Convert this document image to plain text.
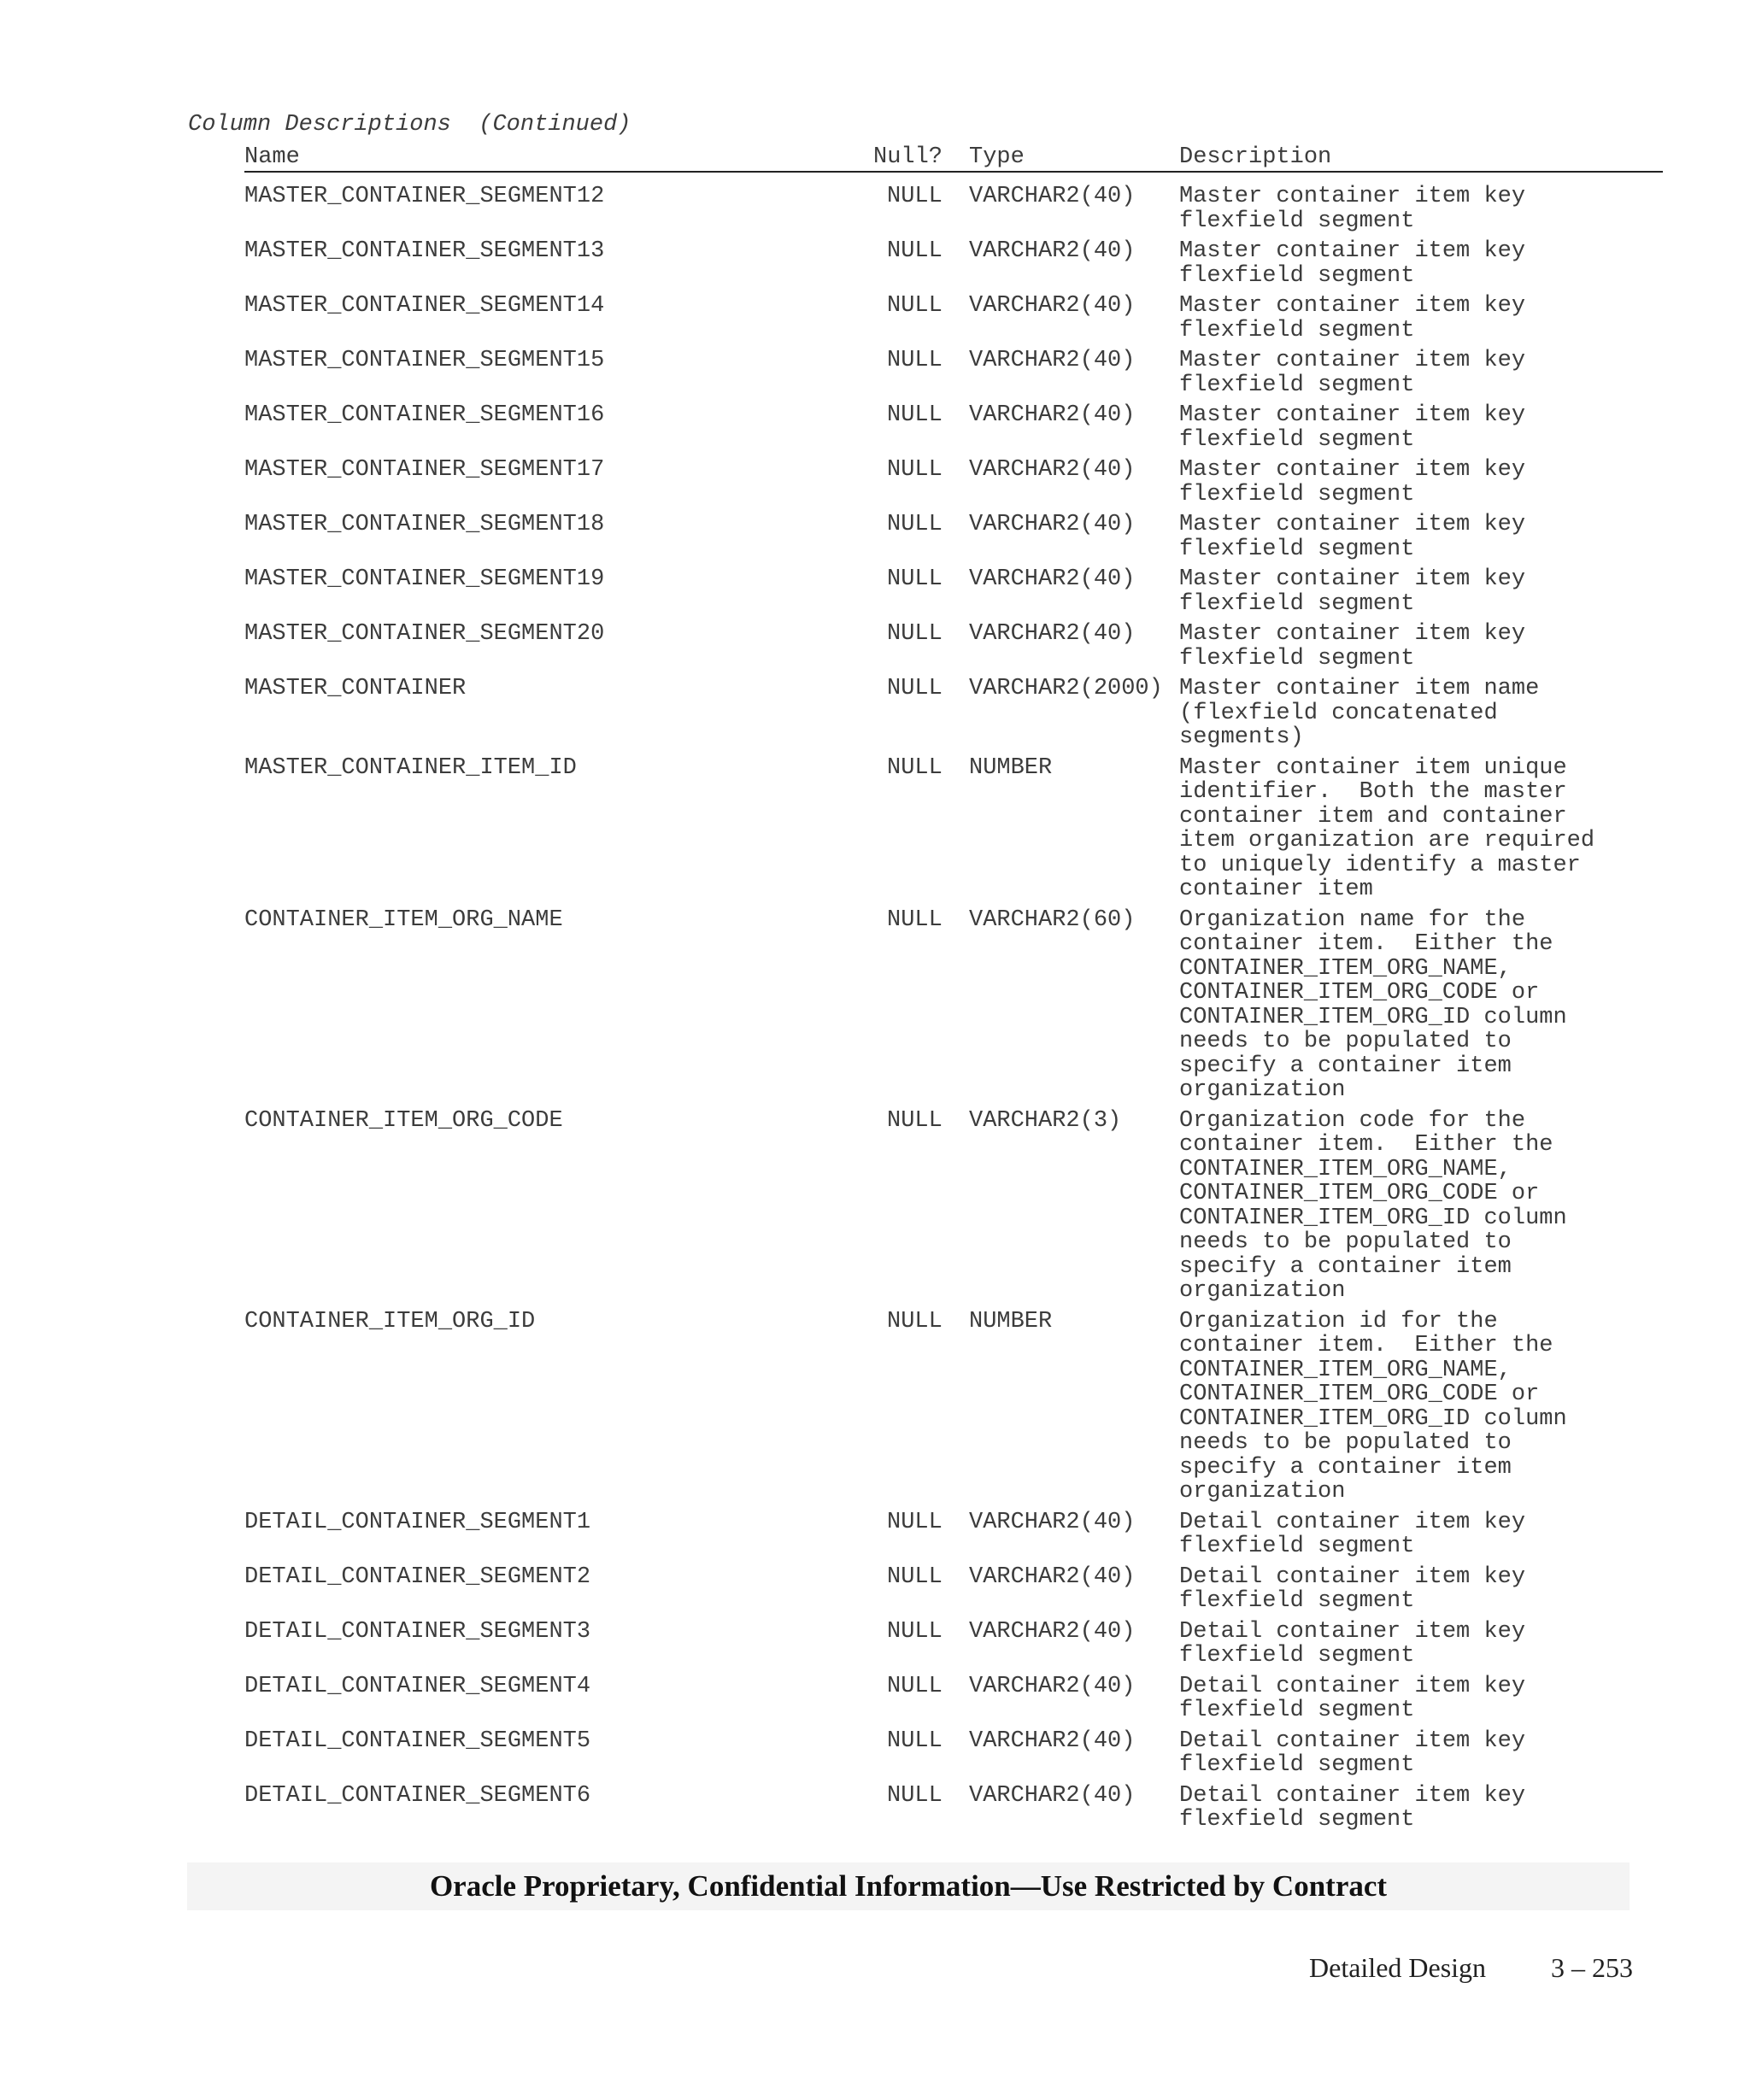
Column Descriptions  (Continued)
Name	Null? Type	Description
MASTER_CONTAINER_SEGMENT12	NULL VARCHAR2(40) Master container item key
flexfield segment
MASTER_CONTAINER_SEGMENT13	NULL VARCHAR2(40) Master container item key
flexfield segment
MASTER_CONTAINER_SEGMENT14	NULL VARCHAR2(40) Master container item key
flexfield segment
MASTER_CONTAINER_SEGMENT15	NULL VARCHAR2(40) Master container item key
flexfield segment
MASTER_CONTAINER_SEGMENT16	NULL VARCHAR2(40) Master container item key
flexfield segment
MASTER_CONTAINER_SEGMENT17	NULL VARCHAR2(40) Master container item key
flexfield segment
MASTER_CONTAINER_SEGMENT18	NULL VARCHAR2(40) Master container item key
flexfield segment
MASTER_CONTAINER_SEGMENT19	NULL VARCHAR2(40) Master container item key
flexfield segment
MASTER_CONTAINER_SEGMENT20	NULL VARCHAR2(40) Master container item key
flexfield segment
MASTER_CONTAINER	NULL VARCHAR2(2000) Master container item name
(flexfield concatenated
segments)
MASTER_CONTAINER_ITEM_ID	NULL NUMBER	Master container item unique
identifier.  Both the master
container item and container
item organization are required
to uniquely identify a master
container item
CONTAINER_ITEM_ORG_NAME	NULL VARCHAR2(60) Organization name for the
container item.  Either the
CONTAINER_ITEM_ORG_NAME,
CONTAINER_ITEM_ORG_CODE or
CONTAINER_ITEM_ORG_ID column
needs to be populated to
specify a container item
organization
CONTAINER_ITEM_ORG_CODE	NULL VARCHAR2(3)	Organization code for the
container item.  Either the
CONTAINER_ITEM_ORG_NAME,
CONTAINER_ITEM_ORG_CODE or
CONTAINER_ITEM_ORG_ID column
needs to be populated to
specify a container item
organization
CONTAINER_ITEM_ORG_ID	NULL NUMBER	Organization id for the
container item.  Either the
CONTAINER_ITEM_ORG_NAME,
CONTAINER_ITEM_ORG_CODE or
CONTAINER_ITEM_ORG_ID column
needs to be populated to
specify a container item
organization
DETAIL_CONTAINER_SEGMENT1	NULL VARCHAR2(40) Detail container item key
flexfield segment
DETAIL_CONTAINER_SEGMENT2	NULL VARCHAR2(40) Detail container item key
flexfield segment
DETAIL_CONTAINER_SEGMENT3	NULL VARCHAR2(40) Detail container item key
flexfield segment
DETAIL_CONTAINER_SEGMENT4	NULL VARCHAR2(40) Detail container item key
flexfield segment
DETAIL_CONTAINER_SEGMENT5	NULL VARCHAR2(40) Detail container item key
flexfield segment
DETAIL_CONTAINER_SEGMENT6	NULL VARCHAR2(40) Detail container item key
flexfield segment
Oracle Proprietary, Confidential Information––Use Restricted by Contract
Detailed Design 3 – 253
